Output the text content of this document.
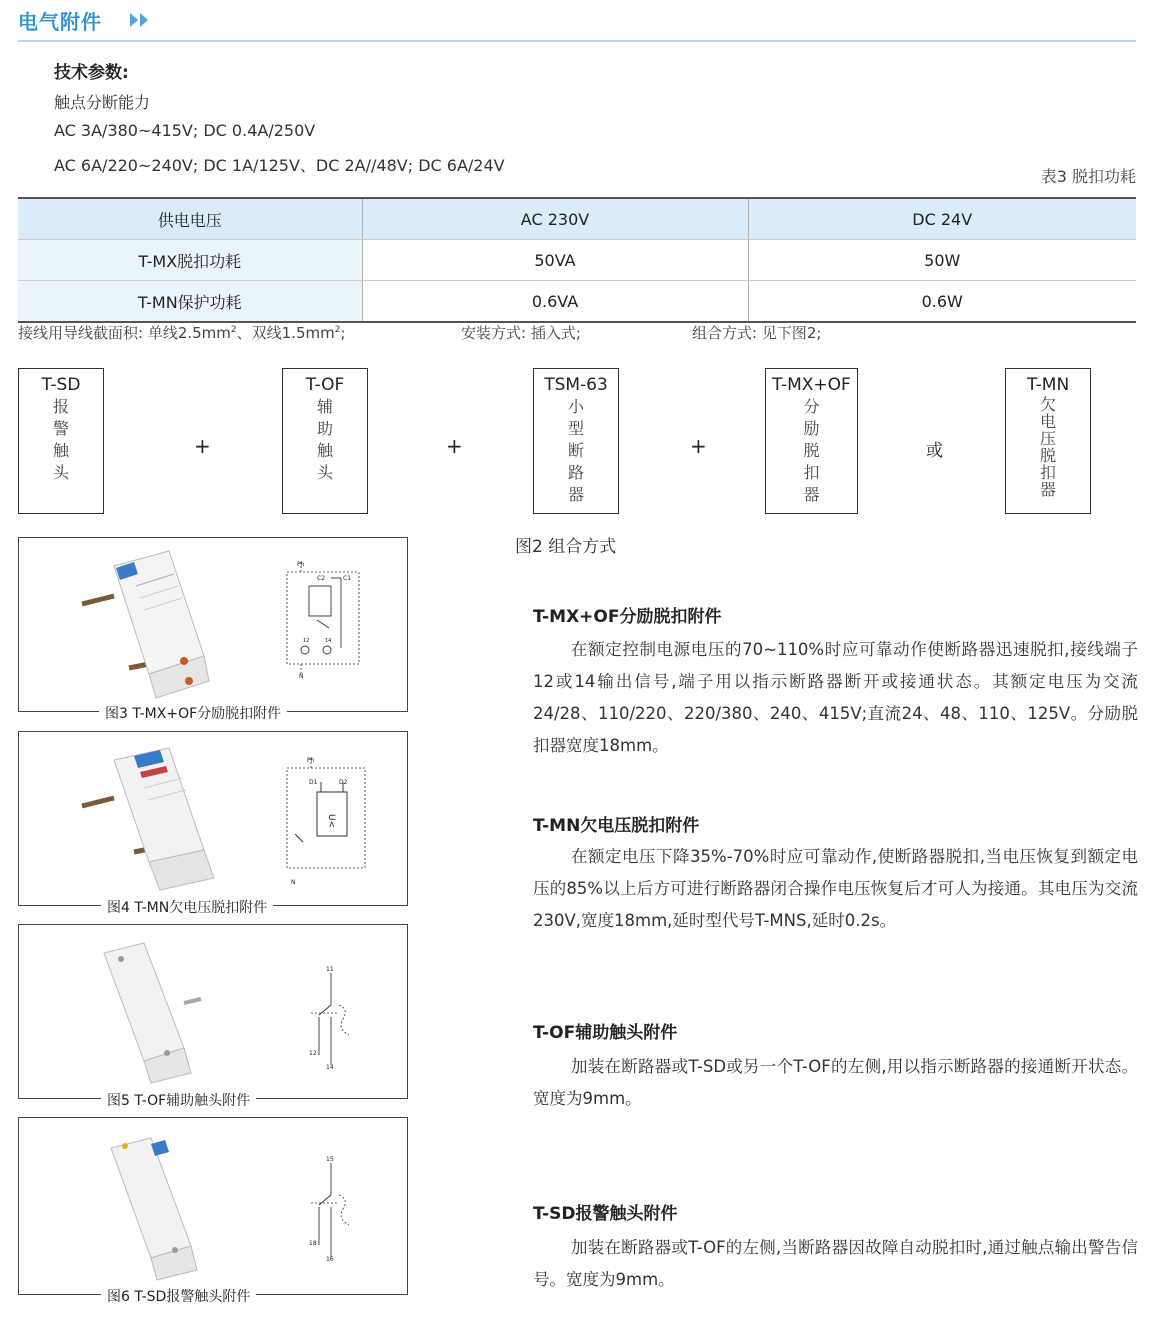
电气附件
技术参数:
触点分断能力
AC 3A/380~415V; DC 0.4A/250V
AC 6A/220~240V; DC 1A/125V、DC 2A//48V; DC 6A/24V
表3 脱扣功耗
供电电压	AC 230V	DC 24V
T-MX脱扣功耗	50VA	50W
T-MN保护功耗	0.6VA	0.6W
接线用导线截面积: 单线$2.5mm^2$、双线$1.5mm^2$;	安装方式: 插入式;	组合方式: 见下图2;
T-SD
报
警
触
头
+
T-OF
辅
助
触
头
+
TSM-63
小
型
断
路
器
+
T-MX+OF
分
励
脱
扣
器
或
T-MN
欠
电
压
脱
扣
器
图2 组合方式
Ph
C2	C1
12	14
N
图3 T-MX+OF分励脱扣附件
Ph
D1	D2
U<
N
图4 T-MN欠电压脱扣附件
11
12
14
图5 T-OF辅助触头附件
15
18
16
图6 T-SD报警触头附件
T-MX+OF分励脱扣附件

在额定控制电源电压的70~110%时应可靠动作使断路器迅速脱扣,接线端子12或14输出信号,端子用以指示断路器断开或接通状态。其额定电压为交流24/28、110/220、220/380、240、415V;直流24、48、110、125V。分励脱扣器宽度18mm。

T-MN欠电压脱扣附件

在额定电压下降35%-70%时应可靠动作,使断路器脱扣,当电压恢复到额定电压的85%以上后方可进行断路器闭合操作电压恢复后才可人为接通。其电压为交流230V,宽度18mm,延时型代号T-MNS,延时0.2s。

T-OF辅助触头附件

加装在断路器或T-SD或另一个T-OF的左侧,用以指示断路器的接通断开状态。宽度为9mm。

T-SD报警触头附件

加装在断路器或T-OF的左侧,当断路器因故障自动脱扣时,通过触点输出警告信号。宽度为9mm。
